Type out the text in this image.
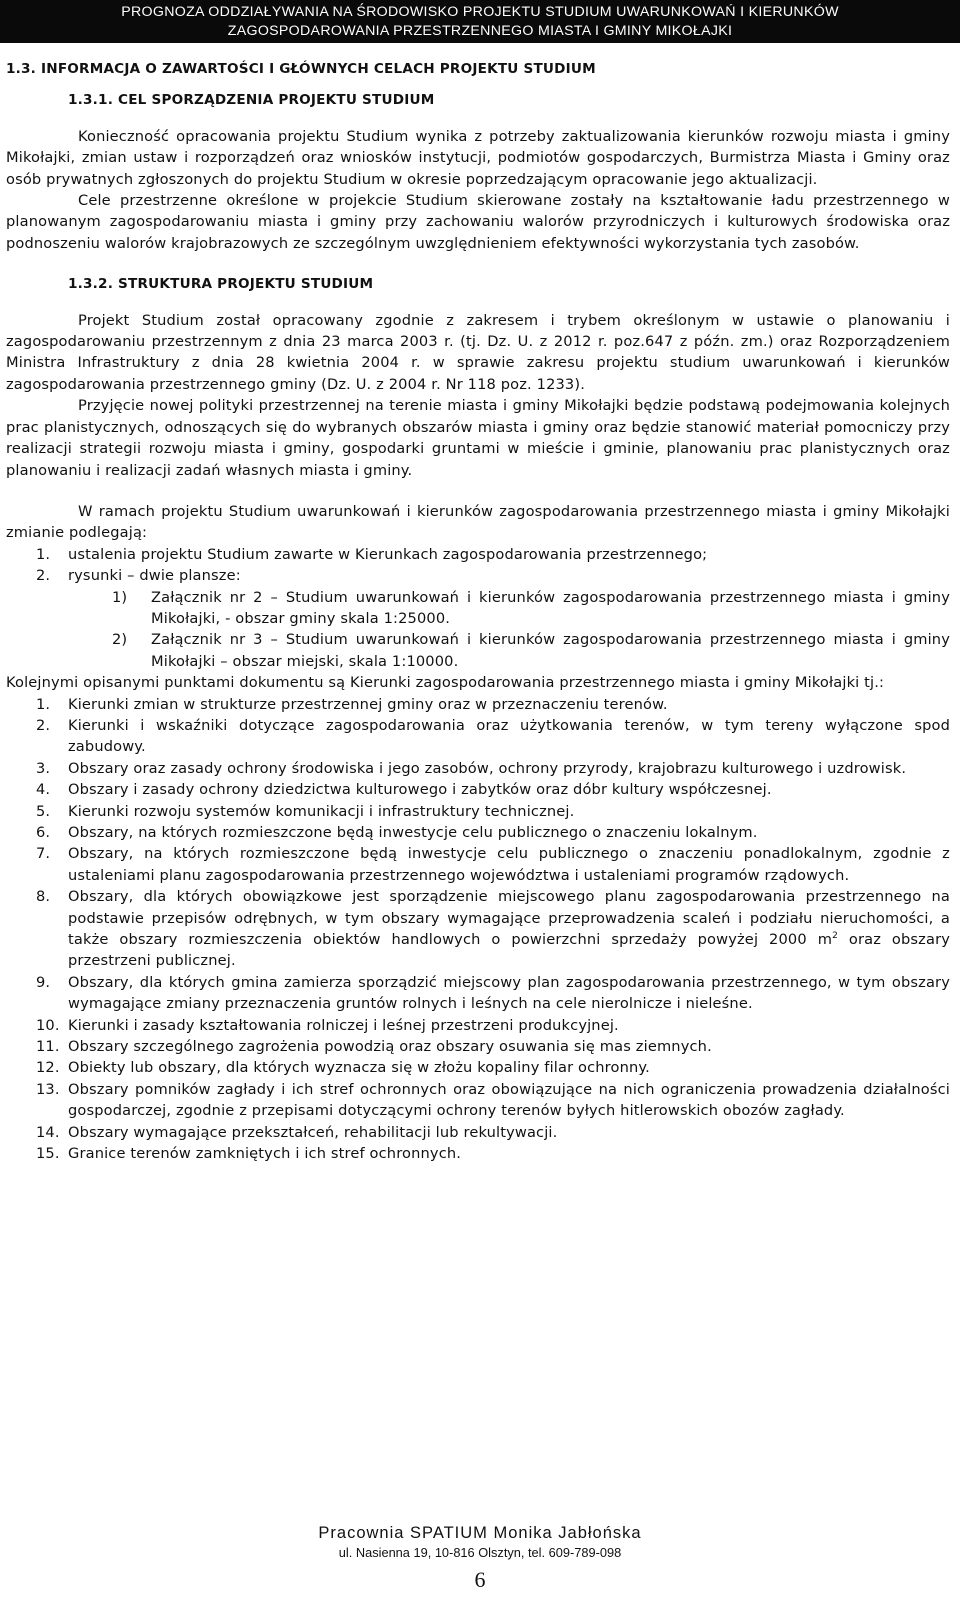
PROGNOZA ODDZIAŁYWANIA NA ŚRODOWISKO PROJEKTU STUDIUM UWARUNKOWAŃ I KIERUNKÓW
ZAGOSPODAROWANIA PRZESTRZENNEGO MIASTA I GMINY MIKOŁAJKI
1.3. INFORMACJA O ZAWARTOŚCI I GŁÓWNYCH CELACH PROJEKTU STUDIUM
1.3.1. CEL SPORZĄDZENIA PROJEKTU STUDIUM

Konieczność opracowania projektu Studium wynika z potrzeby zaktualizowania kierunków rozwoju miasta i gminy Mikołajki, zmian ustaw i rozporządzeń oraz wniosków instytucji, podmiotów gospodarczych, Burmistrza Miasta i Gminy oraz osób prywatnych zgłoszonych do projektu Studium w okresie poprzedzającym opracowanie jego aktualizacji.

Cele przestrzenne określone w projekcie Studium skierowane zostały na kształtowanie ładu przestrzennego w planowanym zagospodarowaniu miasta i gminy przy zachowaniu walorów przyrodniczych i kulturowych środowiska oraz podnoszeniu walorów krajobrazowych ze szczególnym uwzględnieniem efektywności wykorzystania tych zasobów.

1.3.2. STRUKTURA PROJEKTU STUDIUM

Projekt Studium został opracowany zgodnie z zakresem i trybem określonym w ustawie o planowaniu i zagospodarowaniu przestrzennym z dnia 23 marca 2003 r. (tj. Dz. U. z 2012 r. poz.647 z późn. zm.) oraz Rozporządzeniem Ministra Infrastruktury z dnia 28 kwietnia 2004 r. w sprawie zakresu projektu studium uwarunkowań i kierunków zagospodarowania przestrzennego gminy (Dz. U. z 2004 r. Nr 118 poz. 1233).

Przyjęcie nowej polityki przestrzennej na terenie miasta i gminy Mikołajki będzie podstawą podejmowania kolejnych prac planistycznych, odnoszących się do wybranych obszarów miasta i gminy oraz będzie stanowić materiał pomocniczy przy realizacji strategii rozwoju miasta i gminy, gospodarki gruntami w mieście i gminie, planowaniu prac planistycznych oraz planowaniu i realizacji zadań własnych miasta i gminy.

W ramach projektu Studium uwarunkowań i kierunków zagospodarowania przestrzennego miasta i gminy Mikołajki zmianie podlegają:

1. ustalenia projektu Studium zawarte w Kierunkach zagospodarowania przestrzennego;
2. rysunki – dwie plansze:
1) Załącznik nr 2 – Studium uwarunkowań i kierunków zagospodarowania przestrzennego miasta i gminy Mikołajki, - obszar gminy skala 1:25000.
2) Załącznik nr 3 – Studium uwarunkowań i kierunków zagospodarowania przestrzennego miasta i gminy Mikołajki – obszar miejski, skala 1:10000.

Kolejnymi opisanymi punktami dokumentu są Kierunki zagospodarowania przestrzennego miasta i gminy Mikołajki tj.:

1. Kierunki zmian w strukturze przestrzennej gminy oraz w przeznaczeniu terenów.
2. Kierunki i wskaźniki dotyczące zagospodarowania oraz użytkowania terenów, w tym tereny wyłączone spod zabudowy.
3. Obszary oraz zasady ochrony środowiska i jego zasobów, ochrony przyrody, krajobrazu kulturowego i uzdrowisk.
4. Obszary i zasady ochrony dziedzictwa kulturowego i zabytków oraz dóbr kultury współczesnej.
5. Kierunki rozwoju systemów komunikacji i infrastruktury technicznej.
6. Obszary, na których rozmieszczone będą inwestycje celu publicznego o znaczeniu lokalnym.
7. Obszary, na których rozmieszczone będą inwestycje celu publicznego o znaczeniu ponadlokalnym, zgodnie z ustaleniami planu zagospodarowania przestrzennego województwa i ustaleniami programów rządowych.
8. Obszary, dla których obowiązkowe jest sporządzenie miejscowego planu zagospodarowania przestrzennego na podstawie przepisów odrębnych, w tym obszary wymagające przeprowadzenia scaleń i podziału nieruchomości, a także obszary rozmieszczenia obiektów handlowych o powierzchni sprzedaży powyżej 2000 $m^2$ oraz obszary przestrzeni publicznej.
9. Obszary, dla których gmina zamierza sporządzić miejscowy plan zagospodarowania przestrzennego, w tym obszary wymagające zmiany przeznaczenia gruntów rolnych i leśnych na cele nierolnicze i nieleśne.
10. Kierunki i zasady kształtowania rolniczej i leśnej przestrzeni produkcyjnej.
11. Obszary szczególnego zagrożenia powodzią oraz obszary osuwania się mas ziemnych.
12. Obiekty lub obszary, dla których wyznacza się w złożu kopaliny filar ochronny.
13. Obszary pomników zagłady i ich stref ochronnych oraz obowiązujące na nich ograniczenia prowadzenia działalności gospodarczej, zgodnie z przepisami dotyczącymi ochrony terenów byłych hitlerowskich obozów zagłady.
14. Obszary wymagające przekształceń, rehabilitacji lub rekultywacji.
15. Granice terenów zamkniętych i ich stref ochronnych.
Pracownia SPATIUM Monika Jabłońska
ul. Nasienna 19, 10-816 Olsztyn, tel. 609-789-098
6
